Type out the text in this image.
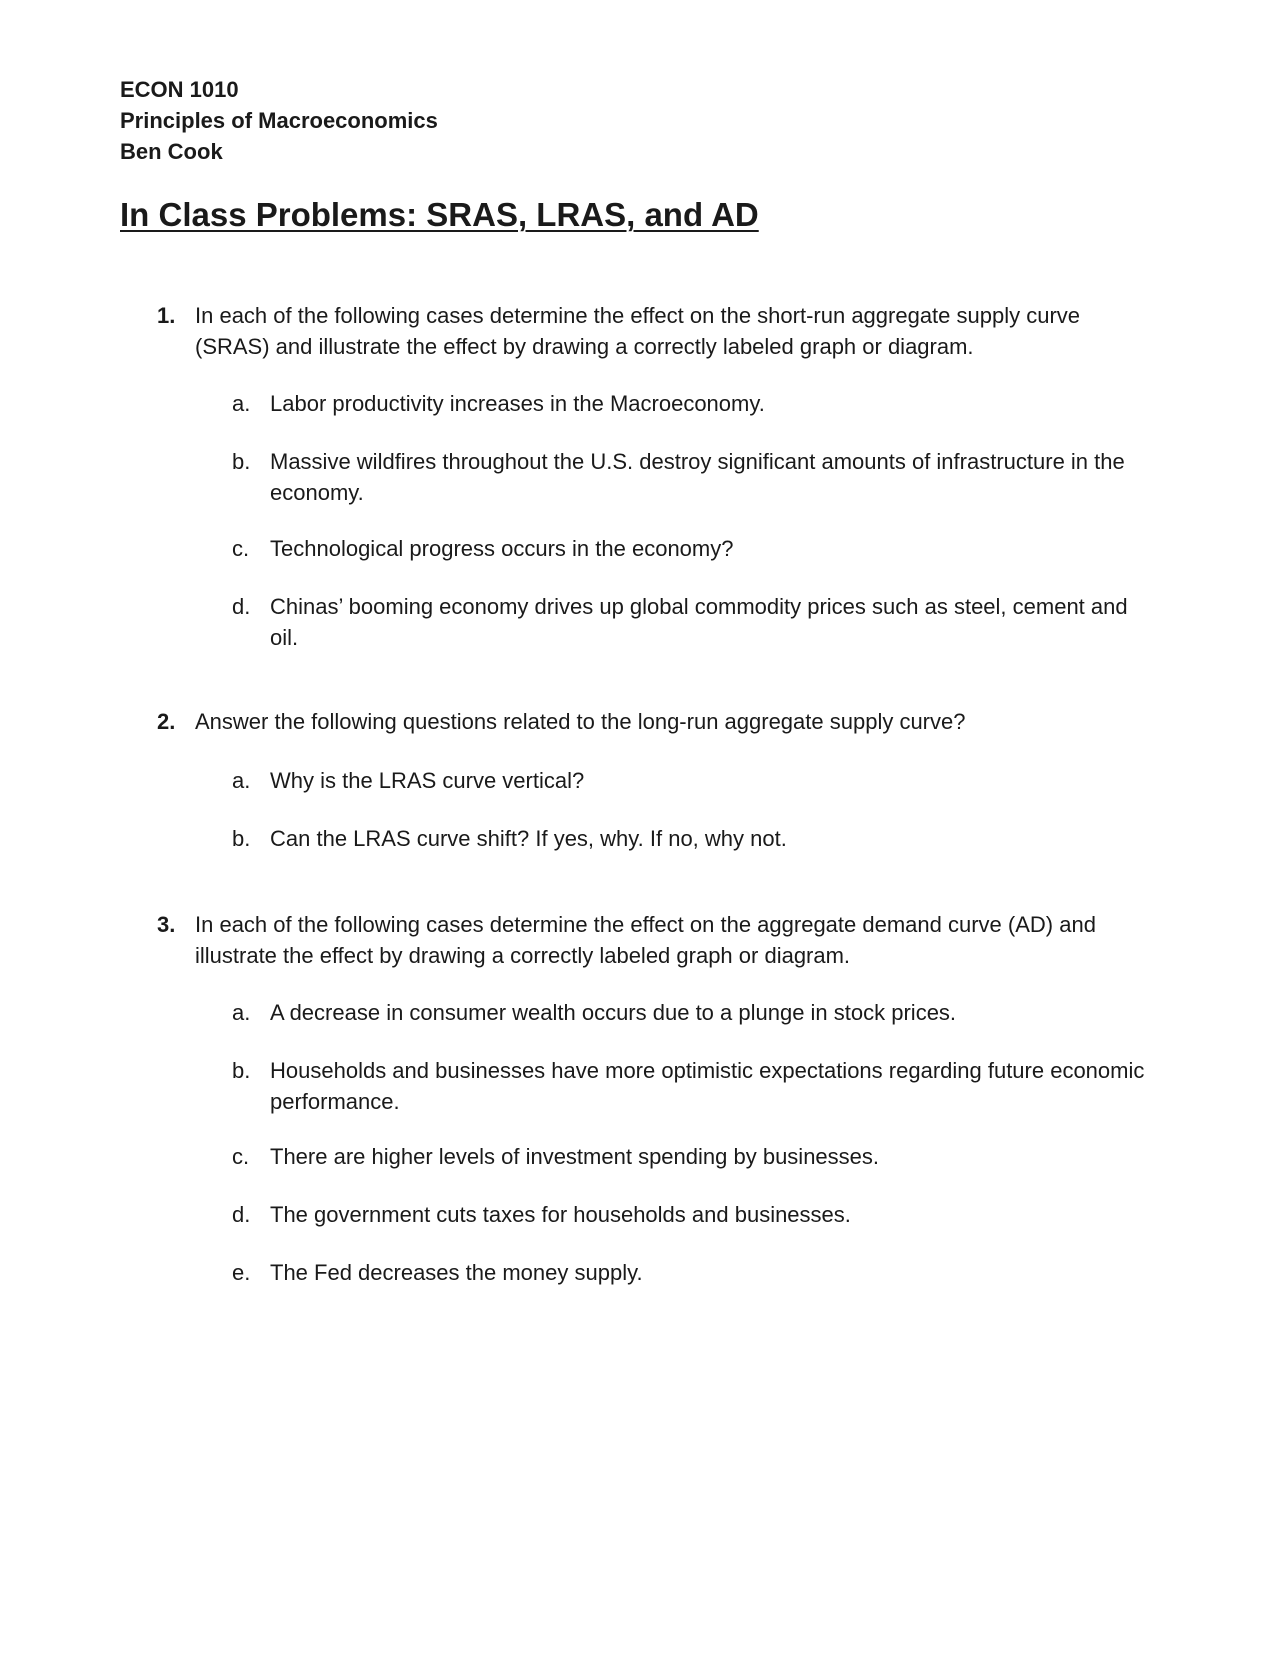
ECON 1010
Principles of Macroeconomics
Ben Cook
In Class Problems: SRAS, LRAS, and AD
1. In each of the following cases determine the effect on the short-run aggregate supply curve (SRAS) and illustrate the effect by drawing a correctly labeled graph or diagram.
a. Labor productivity increases in the Macroeconomy.
b. Massive wildfires throughout the U.S. destroy significant amounts of infrastructure in the economy.
c. Technological progress occurs in the economy?
d. Chinas’ booming economy drives up global commodity prices such as steel, cement and oil.
2. Answer the following questions related to the long-run aggregate supply curve?
a. Why is the LRAS curve vertical?
b. Can the LRAS curve shift? If yes, why. If no, why not.
3. In each of the following cases determine the effect on the aggregate demand curve (AD) and illustrate the effect by drawing a correctly labeled graph or diagram.
a. A decrease in consumer wealth occurs due to a plunge in stock prices.
b. Households and businesses have more optimistic expectations regarding future economic performance.
c. There are higher levels of investment spending by businesses.
d. The government cuts taxes for households and businesses.
e. The Fed decreases the money supply.
